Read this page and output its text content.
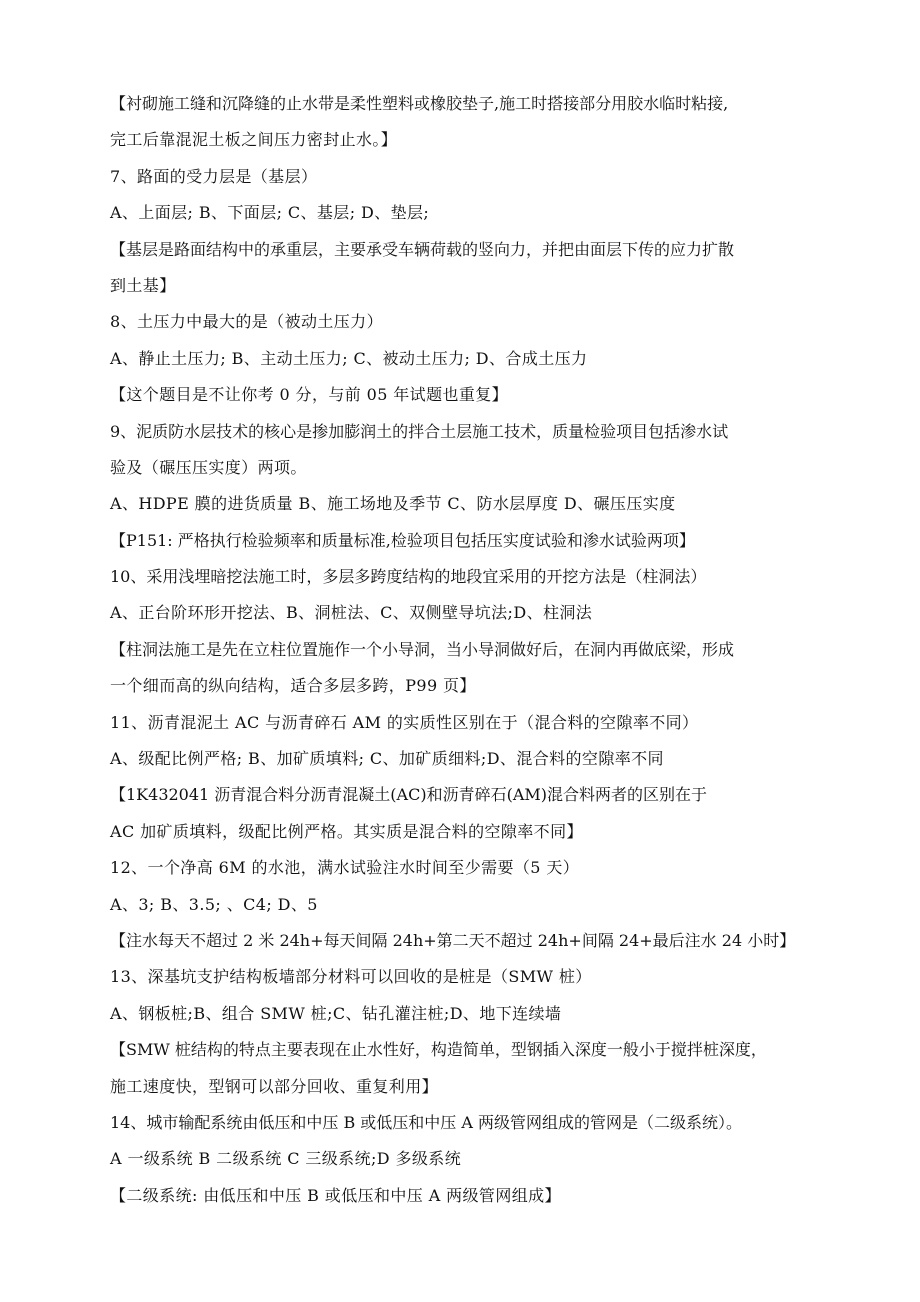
【衬砌施工缝和沉降缝的止水带是柔性塑料或橡胶垫子,施工时搭接部分用胶水临时粘接,
完工后靠混泥土板之间压力密封止水。】
7、路面的受力层是（基层）
A、上面层; B、下面层; C、基层; D、垫层;
【基层是路面结构中的承重层，主要承受车辆荷载的竖向力，并把由面层下传的应力扩散
到土基】
8、土压力中最大的是（被动土压力）
A、静止土压力; B、主动土压力; C、被动土压力; D、合成土压力
【这个题目是不让你考 0 分，与前 05 年试题也重复】
9、泥质防水层技术的核心是掺加膨润土的拌合土层施工技术，质量检验项目包括渗水试
验及（碾压压实度）两项。
A、HDPE 膜的进货质量 B、施工场地及季节 C、防水层厚度 D、碾压压实度
【P151: 严格执行检验频率和质量标准,检验项目包括压实度试验和渗水试验两项】
10、采用浅埋暗挖法施工时，多层多跨度结构的地段宜采用的开挖方法是（柱洞法）
A、正台阶环形开挖法、B、洞桩法、C、双侧壁导坑法;D、柱洞法
【柱洞法施工是先在立柱位置施作一个小导洞，当小导洞做好后，在洞内再做底梁，形成
一个细而高的纵向结构，适合多层多跨，P99 页】
11、沥青混泥土 AC 与沥青碎石 AM 的实质性区别在于（混合料的空隙率不同）
A、级配比例严格; B、加矿质填料; C、加矿质细料;D、混合料的空隙率不同
【1K432041 沥青混合料分沥青混凝土(AC)和沥青碎石(AM)混合料两者的区别在于
AC 加矿质填料，级配比例严格。其实质是混合料的空隙率不同】
12、一个净高 6M 的水池，满水试验注水时间至少需要（5 天）
A、3; B、3.5; 、C4; D、5
【注水每天不超过 2 米 24h+每天间隔 24h+第二天不超过 24h+间隔 24+最后注水 24 小时】
13、深基坑支护结构板墙部分材料可以回收的是桩是（SMW 桩）
A、钢板桩;B、组合 SMW 桩;C、钻孔灌注桩;D、地下连续墙
【SMW 桩结构的特点主要表现在止水性好，构造简单，型钢插入深度一般小于搅拌桩深度，
施工速度快，型钢可以部分回收、重复利用】
14、城市输配系统由低压和中压 B 或低压和中压 A 两级管网组成的管网是（二级系统）。
A 一级系统 B 二级系统 C 三级系统;D 多级系统
【二级系统: 由低压和中压 B 或低压和中压 A 两级管网组成】
